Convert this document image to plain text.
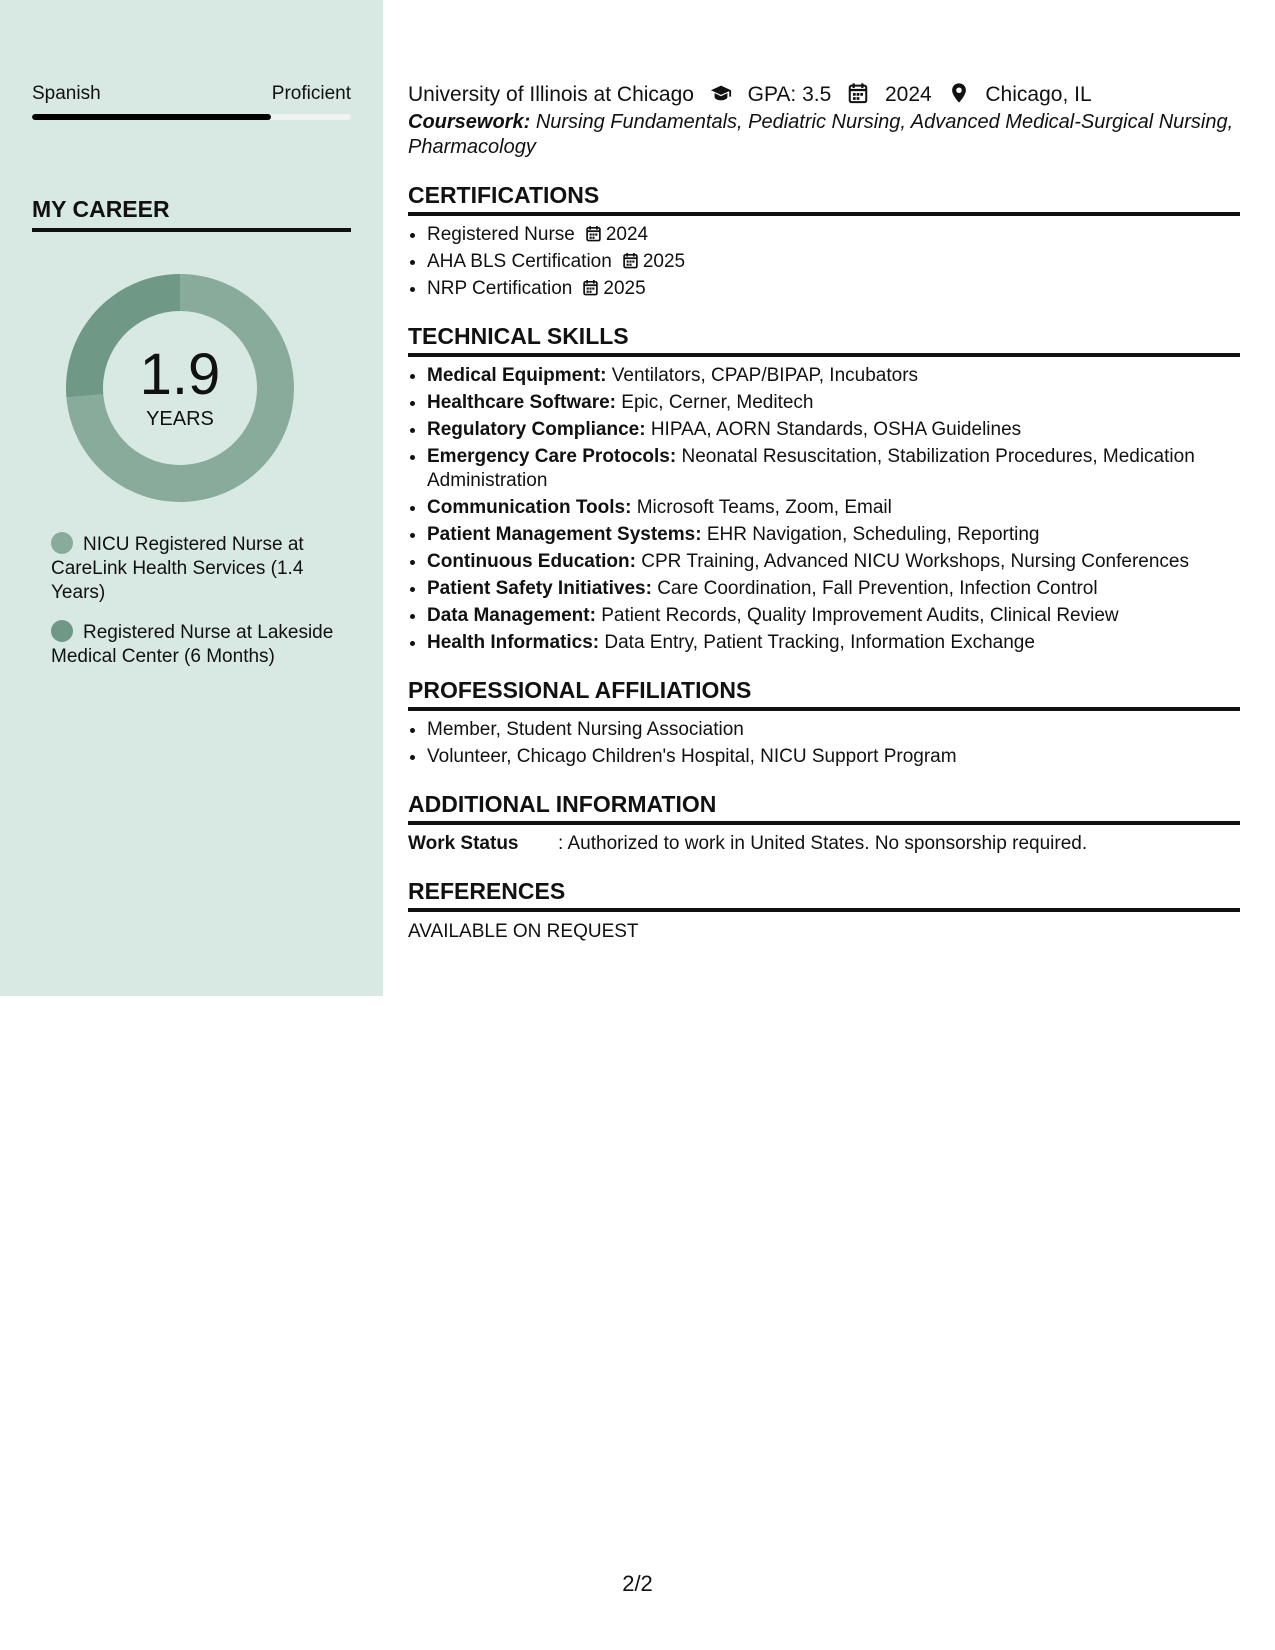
Spanish	Proficient
MY CAREER
1.9
YEARS
NICU Registered Nurse at CareLink Health Services (1.4 Years)
Registered Nurse at Lakeside Medical Center (6 Months)
University of Illinois at Chicago	GPA: 3.5	2024	Chicago, IL
Coursework: Nursing Fundamentals, Pediatric Nursing, Advanced Medical-Surgical Nursing, Pharmacology
CERTIFICATIONS
• Registered Nurse 2024
• AHA BLS Certification 2025
• NRP Certification 2025
TECHNICAL SKILLS
• Medical Equipment: Ventilators, CPAP/BIPAP, Incubators
• Healthcare Software: Epic, Cerner, Meditech
• Regulatory Compliance: HIPAA, AORN Standards, OSHA Guidelines
• Emergency Care Protocols: Neonatal Resuscitation, Stabilization Procedures, Medication Administration
• Communication Tools: Microsoft Teams, Zoom, Email
• Patient Management Systems: EHR Navigation, Scheduling, Reporting
• Continuous Education: CPR Training, Advanced NICU Workshops, Nursing Conferences
• Patient Safety Initiatives: Care Coordination, Fall Prevention, Infection Control
• Data Management: Patient Records, Quality Improvement Audits, Clinical Review
• Health Informatics: Data Entry, Patient Tracking, Information Exchange
PROFESSIONAL AFFILIATIONS
• Member, Student Nursing Association
• Volunteer, Chicago Children's Hospital, NICU Support Program
ADDITIONAL INFORMATION
Work Status : Authorized to work in United States. No sponsorship required.
REFERENCES
AVAILABLE ON REQUEST
2/2
